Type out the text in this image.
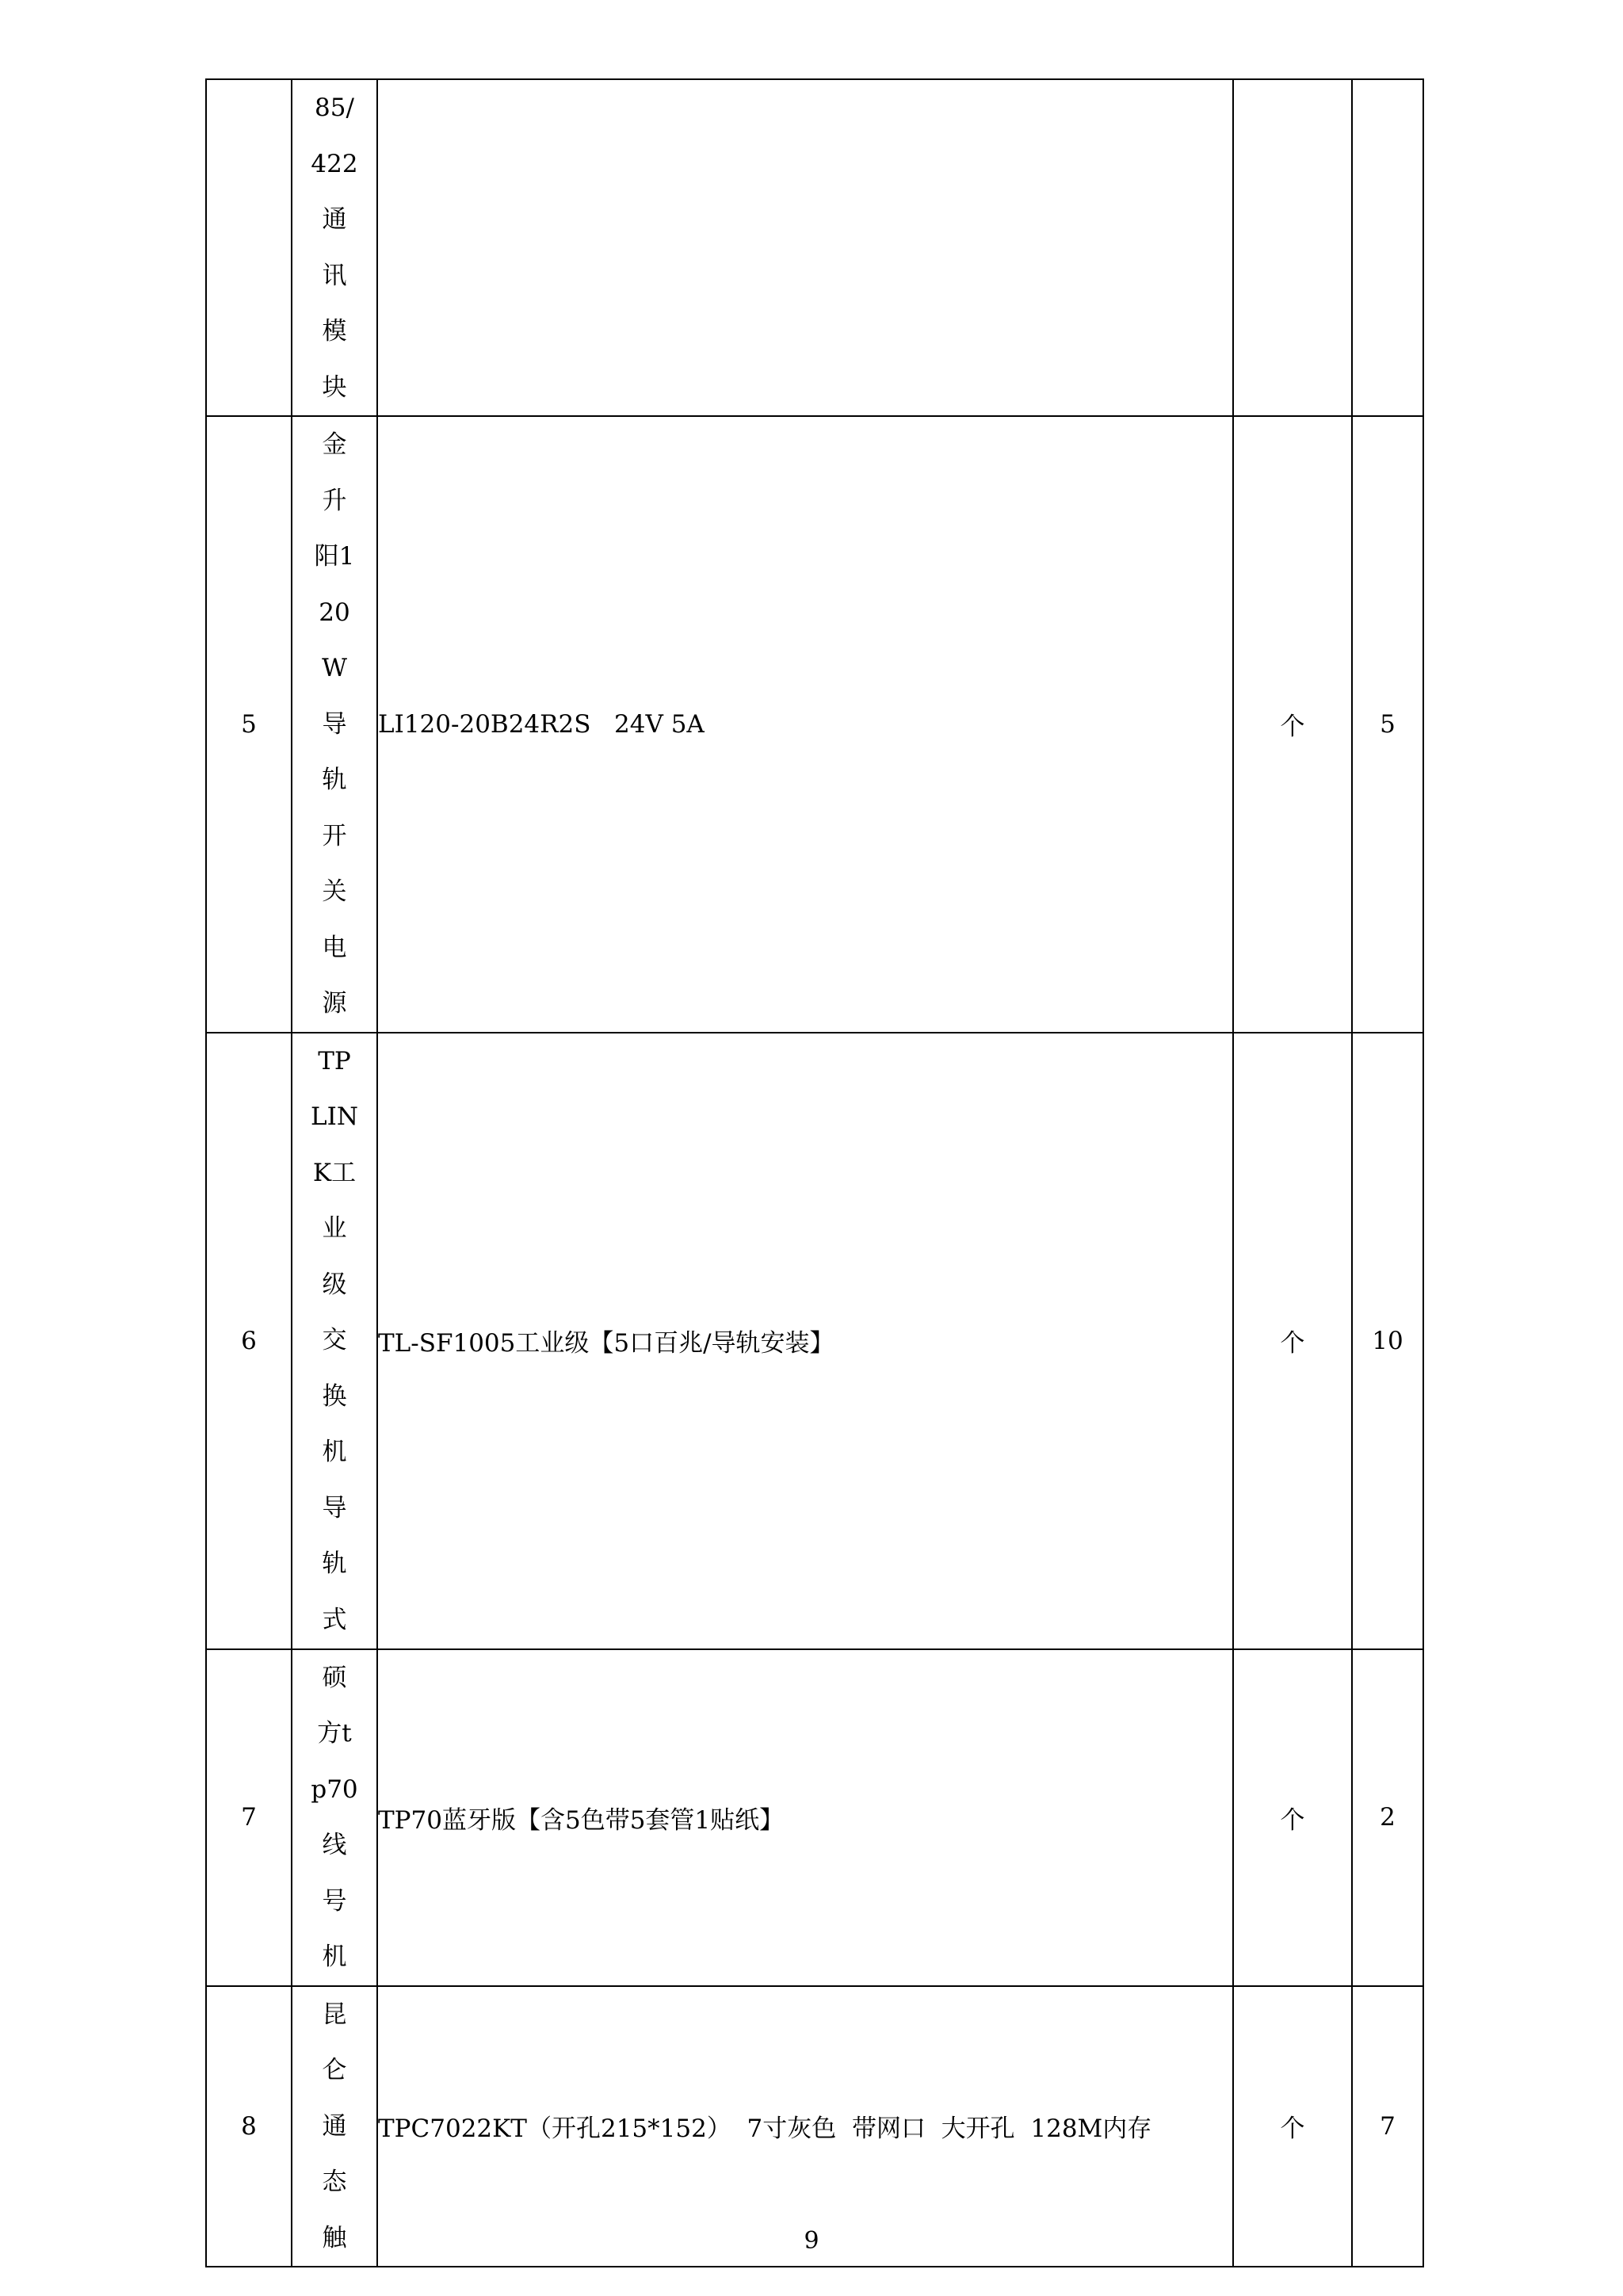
	85/422通讯模块			

5	金升阳120W导轨开关电源	LI120-20B24R2S   24V 5A	个	5
6	TPLINK工业级交换机导轨式	TL-SF1005工业级【5口百兆/导轨安装】	个	10
7	硕方tp70线号机	TP70蓝牙版【含5色带5套管1贴纸】	个	2
8	昆仑通态触	TPC7022KT（开孔215*152）  7寸灰色  带网口  大开孔  128M内存	个	7
9
